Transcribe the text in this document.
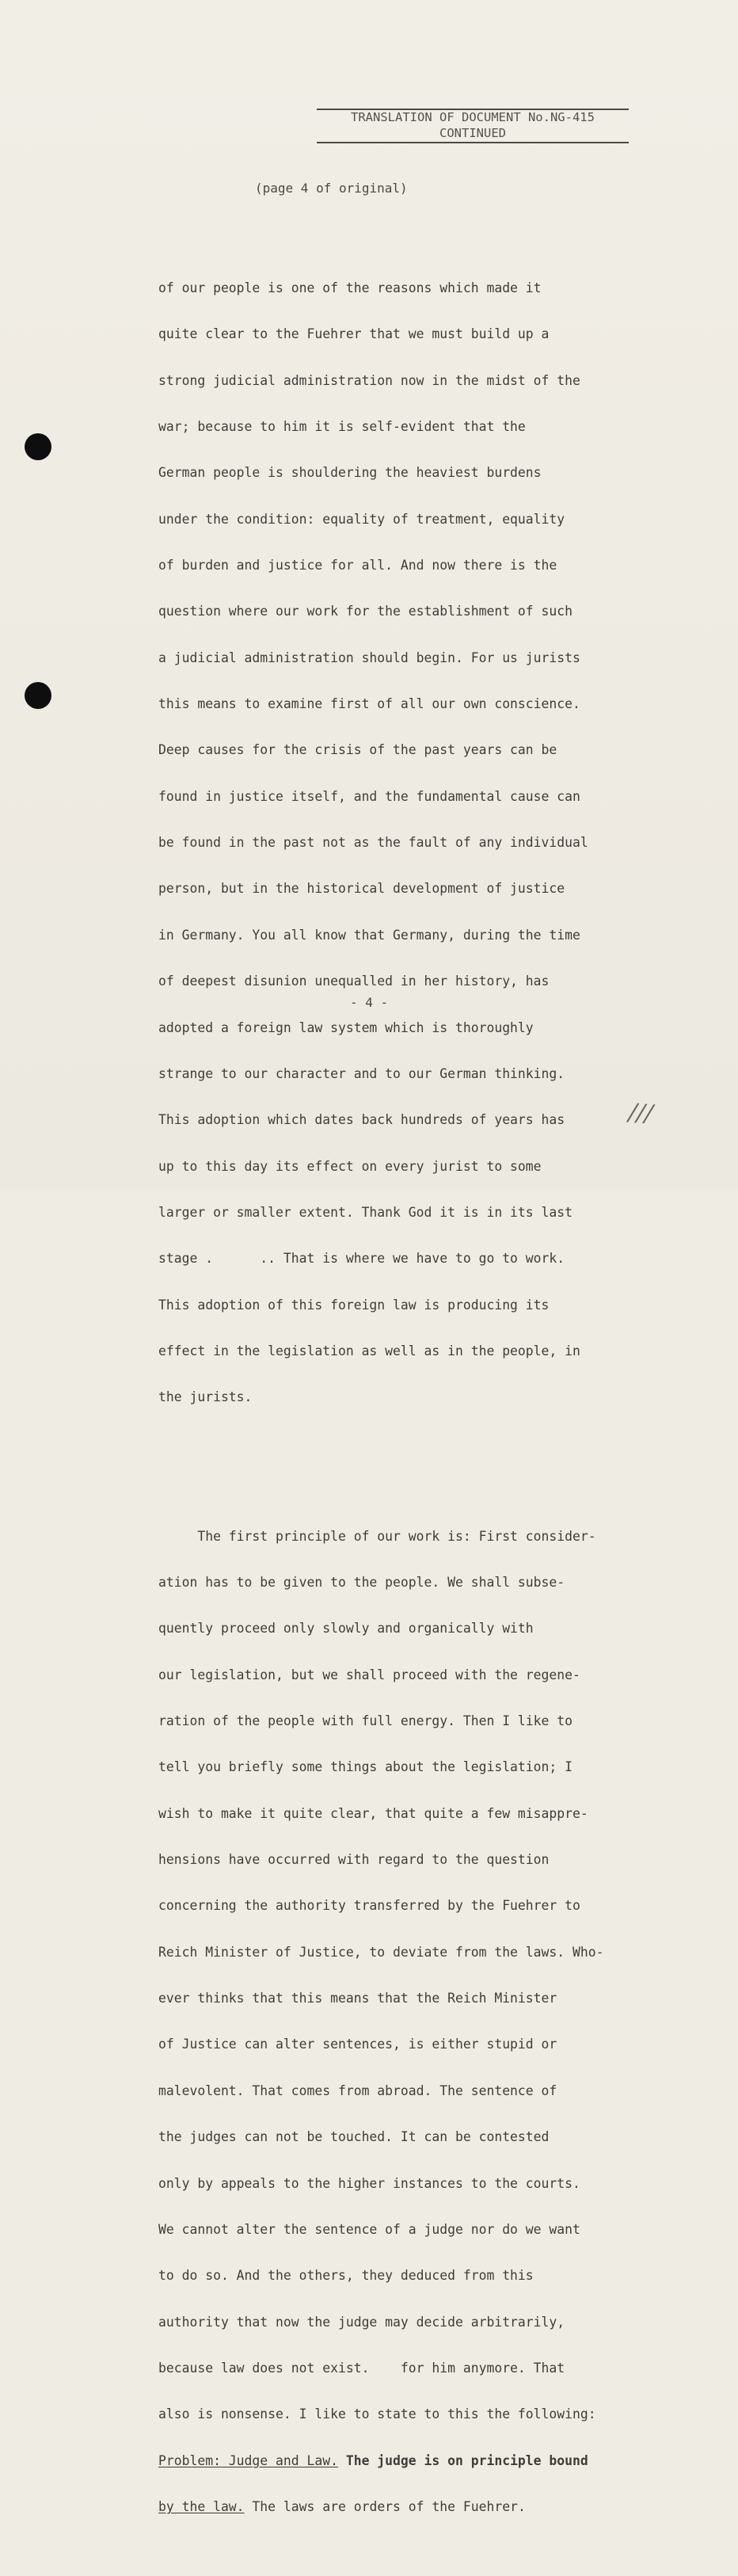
TRANSLATION OF DOCUMENT No.NG-415
CONTINUED
(page 4 of original)

of our people is one of the reasons which made it

quite clear to the Fuehrer that we must build up a

strong judicial administration now in the midst of the

war; because to him it is self-evident that the

German people is shouldering the heaviest burdens

under the condition: equality of treatment, equality

of burden and justice for all. And now there is the

question where our work for the establishment of such

a judicial administration should begin. For us jurists

this means to examine first of all our own conscience.

Deep causes for the crisis of the past years can be

found in justice itself, and the fundamental cause can

be found in the past not as the fault of any individual

person, but in the historical development of justice

in Germany. You all know that Germany, during the time

of deepest disunion unequalled in her history, has

adopted a foreign law system which is thoroughly

strange to our character and to our German thinking.

This adoption which dates back hundreds of years has

up to this day its effect on every jurist to some

larger or smaller extent. Thank God it is in its last

stage .      .. That is where we have to go to work.

This adoption of this foreign law is producing its

effect in the legislation as well as in the people, in

the jurists.

The first principle of our work is: First consider-

ation has to be given to the people. We shall subse-

quently proceed only slowly and organically with

our legislation, but we shall proceed with the regene-

ration of the people with full energy. Then I like to

tell you briefly some things about the legislation; I

wish to make it quite clear, that quite a few misappre-

hensions have occurred with regard to the question

concerning the authority transferred by the Fuehrer to

Reich Minister of Justice, to deviate from the laws. Who-

ever thinks that this means that the Reich Minister

of Justice can alter sentences, is either stupid or

malevolent. That comes from abroad. The sentence of

the judges can not be touched. It can be contested

only by appeals to the higher instances to the courts.

We cannot alter the sentence of a judge nor do we want

to do so. And the others, they deduced from this

authority that now the judge may decide arbitrarily,

because law does not exist.    for him anymore. That

also is nonsense. I like to state to this the following:

Problem: Judge and Law. The judge is on principle bound

by the law. The laws are orders of the Fuehrer.

- 4 -
///
